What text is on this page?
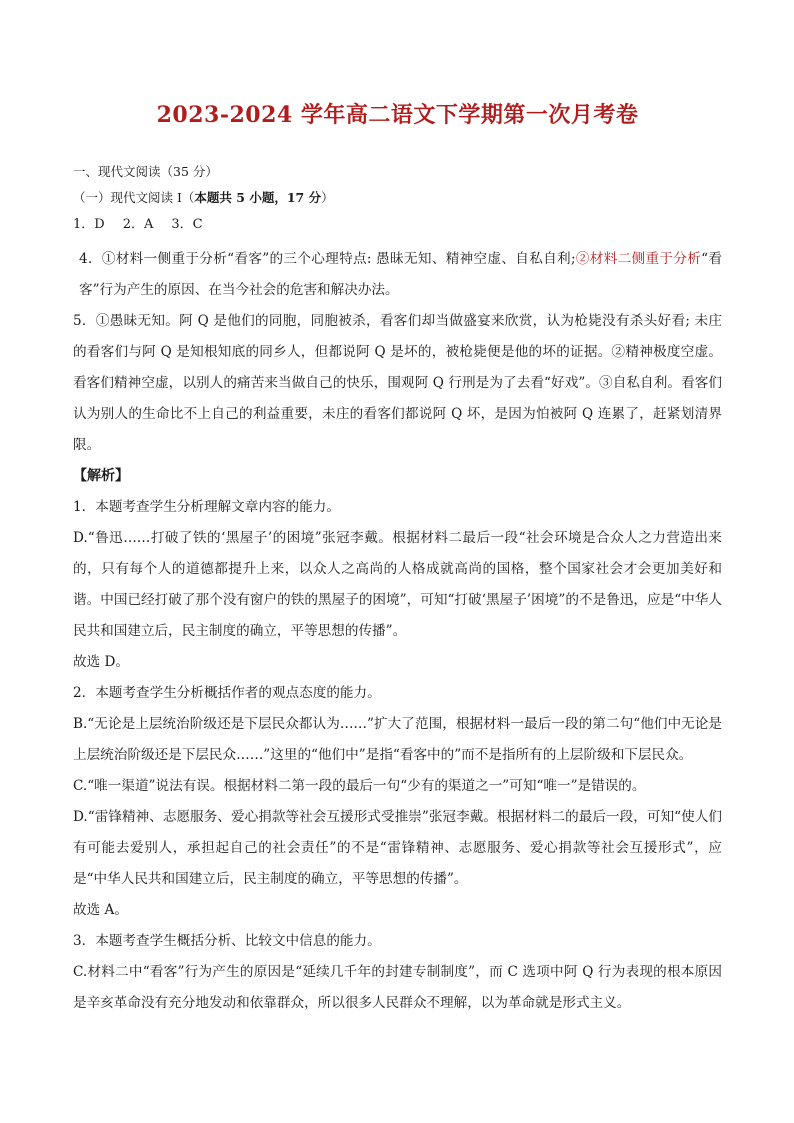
2023-2024 学年高二语文下学期第一次月考卷

一、现代文阅读（35 分）

（一）现代文阅读 I（本题共 5 小题，17 分）

1．D 2．A 3．C

4．①材料一侧重于分析“看客”的三个心理特点: 愚昧无知、精神空虚、自私自利;②材料二侧重于分析“看客”行为产生的原因、在当今社会的危害和解决办法。

5．①愚昧无知。阿 Q 是他们的同胞，同胞被杀，看客们却当做盛宴来欣赏，认为枪毙没有杀头好看; 未庄的看客们与阿 Q 是知根知底的同乡人，但都说阿 Q 是坏的，被枪毙便是他的坏的证据。②精神极度空虚。看客们精神空虚，以别人的痛苦来当做自己的快乐，围观阿 Q 行刑是为了去看“好戏”。③自私自利。看客们认为别人的生命比不上自己的利益重要，未庄的看客们都说阿 Q 坏，是因为怕被阿 Q 连累了，赶紧划清界限。

【解析】

1．本题考查学生分析理解文章内容的能力。

D.“鲁迅……打破了铁的‘黑屋子’的困境”张冠李戴。根据材料二最后一段“社会环境是合众人之力营造出来的，只有每个人的道德都提升上来，以众人之高尚的人格成就高尚的国格，整个国家社会才会更加美好和谐。中国已经打破了那个没有窗户的铁的黑屋子的困境”，可知“打破‘黑屋子’困境”的不是鲁迅，应是“中华人民共和国建立后，民主制度的确立，平等思想的传播”。

故选 D。

2．本题考查学生分析概括作者的观点态度的能力。

B.“无论是上层统治阶级还是下层民众都认为……”扩大了范围，根据材料一最后一段的第二句“他们中无论是上层统治阶级还是下层民众……”这里的“他们中”是指“看客中的”而不是指所有的上层阶级和下层民众。

C.“唯一渠道”说法有误。根据材料二第一段的最后一句“少有的渠道之一”可知“唯一”是错误的。

D.“雷锋精神、志愿服务、爱心捐款等社会互援形式受推崇”张冠李戴。根据材料二的最后一段，可知“使人们有可能去爱别人，承担起自己的社会责任”的不是“雷锋精神、志愿服务、爱心捐款等社会互援形式”，应是“中华人民共和国建立后，民主制度的确立，平等思想的传播”。

故选 A。

3．本题考查学生概括分析、比较文中信息的能力。

C.材料二中“看客”行为产生的原因是“延续几千年的封建专制制度”，而 C 选项中阿 Q 行为表现的根本原因是辛亥革命没有充分地发动和依靠群众，所以很多人民群众不理解，以为革命就是形式主义。
